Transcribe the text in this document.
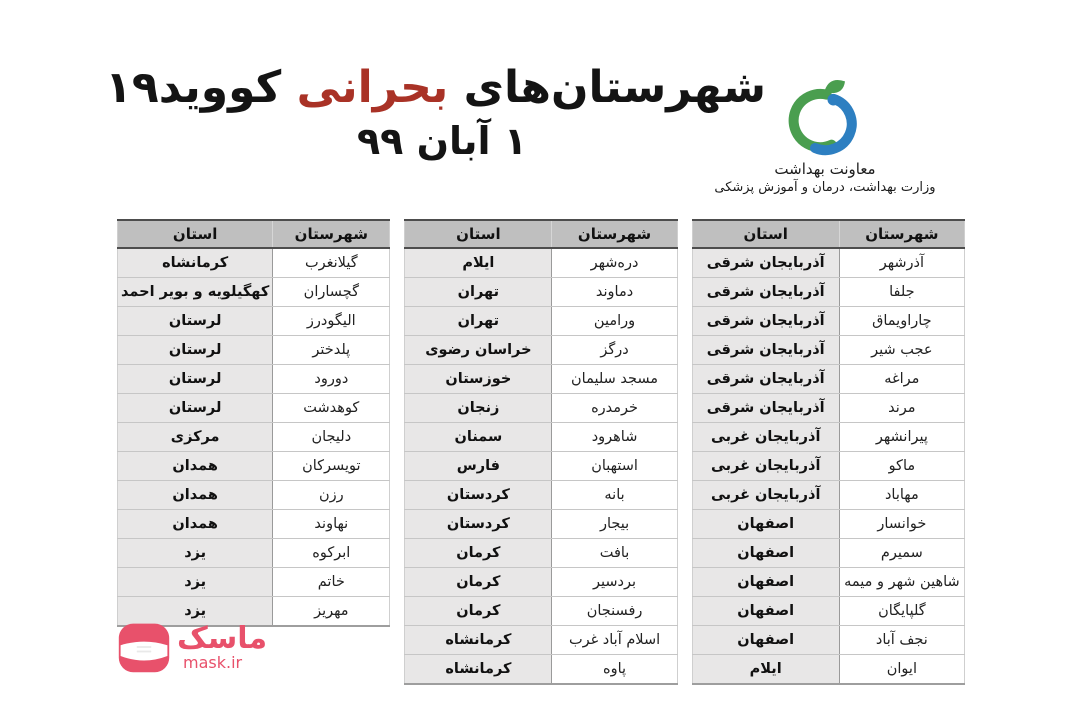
شهرستان‌های بحرانی کووید۱۹
۱ آبان ۹۹
معاونت بهداشت
وزارت بهداشت، درمان و آموزش پزشکی
شهرستان	استان
آذرشهر	آذربایجان شرقی
جلفا	آذربایجان شرقی
چاراویماق	آذربایجان شرقی
عجب شیر	آذربایجان شرقی
مراغه	آذربایجان شرقی
مرند	آذربایجان شرقی
پیرانشهر	آذربایجان غربی
ماکو	آذربایجان غربی
مهاباد	آذربایجان غربی
خوانسار	اصفهان
سمیرم	اصفهان
شاهین شهر و میمه	اصفهان
گلپایگان	اصفهان
نجف آباد	اصفهان
ایوان	ایلام
شهرستان	استان
دره‌شهر	ایلام
دماوند	تهران
ورامین	تهران
درگز	خراسان رضوی
مسجد سلیمان	خوزستان
خرمدره	زنجان
شاهرود	سمنان
استهبان	فارس
بانه	کردستان
بیجار	کردستان
بافت	کرمان
بردسیر	کرمان
رفسنجان	کرمان
اسلام آباد غرب	کرمانشاه
پاوه	کرمانشاه
شهرستان	استان
گیلانغرب	کرمانشاه
گچساران	کهگیلویه و بویر احمد
الیگودرز	لرستان
پلدختر	لرستان
دورود	لرستان
کوهدشت	لرستان
دلیجان	مرکزی
تویسرکان	همدان
رزن	همدان
نهاوند	همدان
ابرکوه	یزد
خاتم	یزد
مهریز	یزد
ماسک
mask.ir
